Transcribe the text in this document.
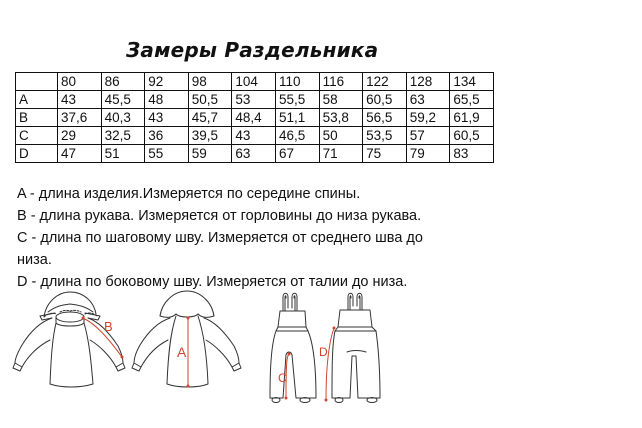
Замеры Раздельника
	80	86	92	98	104	110	116	122	128	134
A	43	45,5	48	50,5	53	55,5	58	60,5	63	65,5
B	37,6	40,3	43	45,7	48,4	51,1	53,8	56,5	59,2	61,9
C	29	32,5	36	39,5	43	46,5	50	53,5	57	60,5
D	47	51	55	59	63	67	71	75	79	83
A - длина изделия.Измеряется по середине спины.
B - длина рукава. Измеряется от горловины до низа рукава.
C - длина по шаговому шву. Измеряется от среднего шва до
низа.
D - длина по боковому шву. Измеряется от талии до низа.
B
A
C
D
